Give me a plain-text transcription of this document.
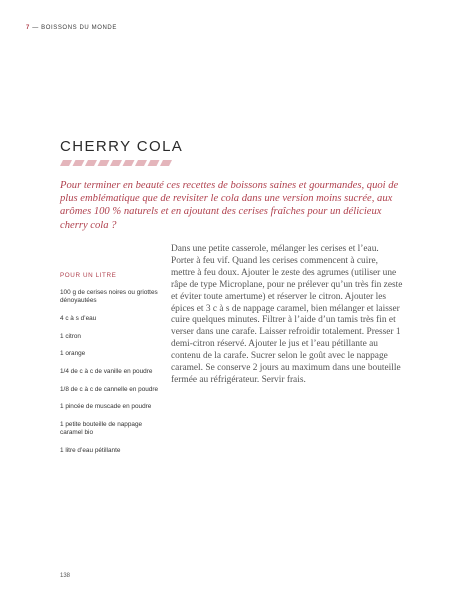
7 — BOISSONS DU MONDE
CHERRY COLA

Pour terminer en beauté ces recettes de boissons saines et gourmandes, quoi de plus emblématique que de revisiter le cola dans une version moins sucrée, aux arômes 100 % naturels et en ajoutant des cerises fraîches pour un délicieux cherry cola ?

POUR UN LITRE
100 g de cerises noires ou griottes dénoyautées
4 c à s d’eau
1 citron
1 orange
1/4 de c à c de vanille en poudre
1/8 de c à c de cannelle en poudre
1 pincée de muscade en poudre
1 petite bouteille de nappage caramel bio
1 litre d’eau pétillante

Dans une petite casserole, mélanger les cerises et l’eau. Porter à feu vif. Quand les cerises commencent à cuire, mettre à feu doux. Ajouter le zeste des agrumes (utiliser une râpe de type Microplane, pour ne prélever qu’un très fin zeste et éviter toute amertume) et réserver le citron. Ajouter les épices et 3 c à s de nappage caramel, bien mélanger et laisser cuire quelques minutes. Filtrer à l’aide d’un tamis très fin et verser dans une carafe. Laisser refroidir totalement. Presser 1 demi-citron réservé. Ajouter le jus et l’eau pétillante au contenu de la carafe. Sucrer selon le goût avec le nappage caramel. Se conserve 2 jours au maximum dans une bouteille fermée au réfrigérateur. Servir frais.

138
